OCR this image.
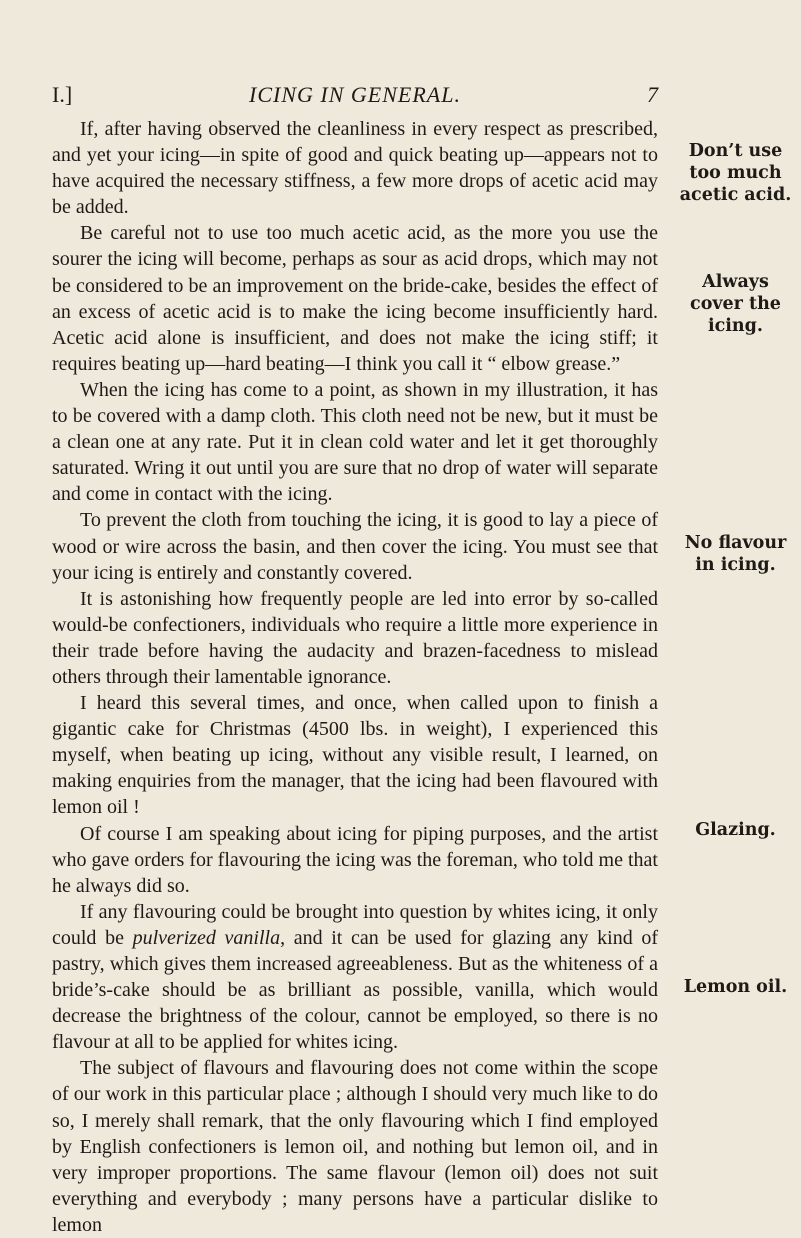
I.]	ICING IN GENERAL.	7

If, after having observed the cleanliness in every respect as prescribed, and yet your icing—in spite of good and quick beating up—appears not to have acquired the necessary stiffness, a few more drops of acetic acid may be added.

Be careful not to use too much acetic acid, as the more you use the sourer the icing will become, perhaps as sour as acid drops, which may not be considered to be an improvement on the bride-cake, besides the effect of an excess of acetic acid is to make the icing become insufficiently hard. Acetic acid alone is insufficient, and does not make the icing stiff; it requires beating up—hard beating—I think you call it “ elbow grease.”

When the icing has come to a point, as shown in my illustration, it has to be covered with a damp cloth. This cloth need not be new, but it must be a clean one at any rate. Put it in clean cold water and let it get thoroughly saturated. Wring it out until you are sure that no drop of water will separate and come in contact with the icing.

To prevent the cloth from touching the icing, it is good to lay a piece of wood or wire across the basin, and then cover the icing. You must see that your icing is entirely and constantly covered.

It is astonishing how frequently people are led into error by so-called would-be confectioners, individuals who require a little more experience in their trade before having the audacity and brazen-facedness to mislead others through their lamentable ignorance.

I heard this several times, and once, when called upon to finish a gigantic cake for Christmas (4500 lbs. in weight), I experienced this myself, when beating up icing, without any visible result, I learned, on making enquiries from the manager, that the icing had been flavoured with lemon oil !

Of course I am speaking about icing for piping purposes, and the artist who gave orders for flavouring the icing was the foreman, who told me that he always did so.

If any flavouring could be brought into question by whites icing, it only could be pulverized vanilla, and it can be used for glazing any kind of pastry, which gives them increased agreeableness. But as the whiteness of a bride’s-cake should be as brilliant as possible, vanilla, which would decrease the brightness of the colour, cannot be employed, so there is no flavour at all to be applied for whites icing.

The subject of flavours and flavouring does not come within the scope of our work in this particular place ; although I should very much like to do so, I merely shall remark, that the only flavouring which I find employed by English confectioners is lemon oil, and nothing but lemon oil, and in very improper proportions. The same flavour (lemon oil) does not suit everything and everybody ; many persons have a particular dislike to lemon

Don’t use
too much
acetic acid.
Always
cover the
icing.
No flavour
in icing.
Glazing.
Lemon oil.
